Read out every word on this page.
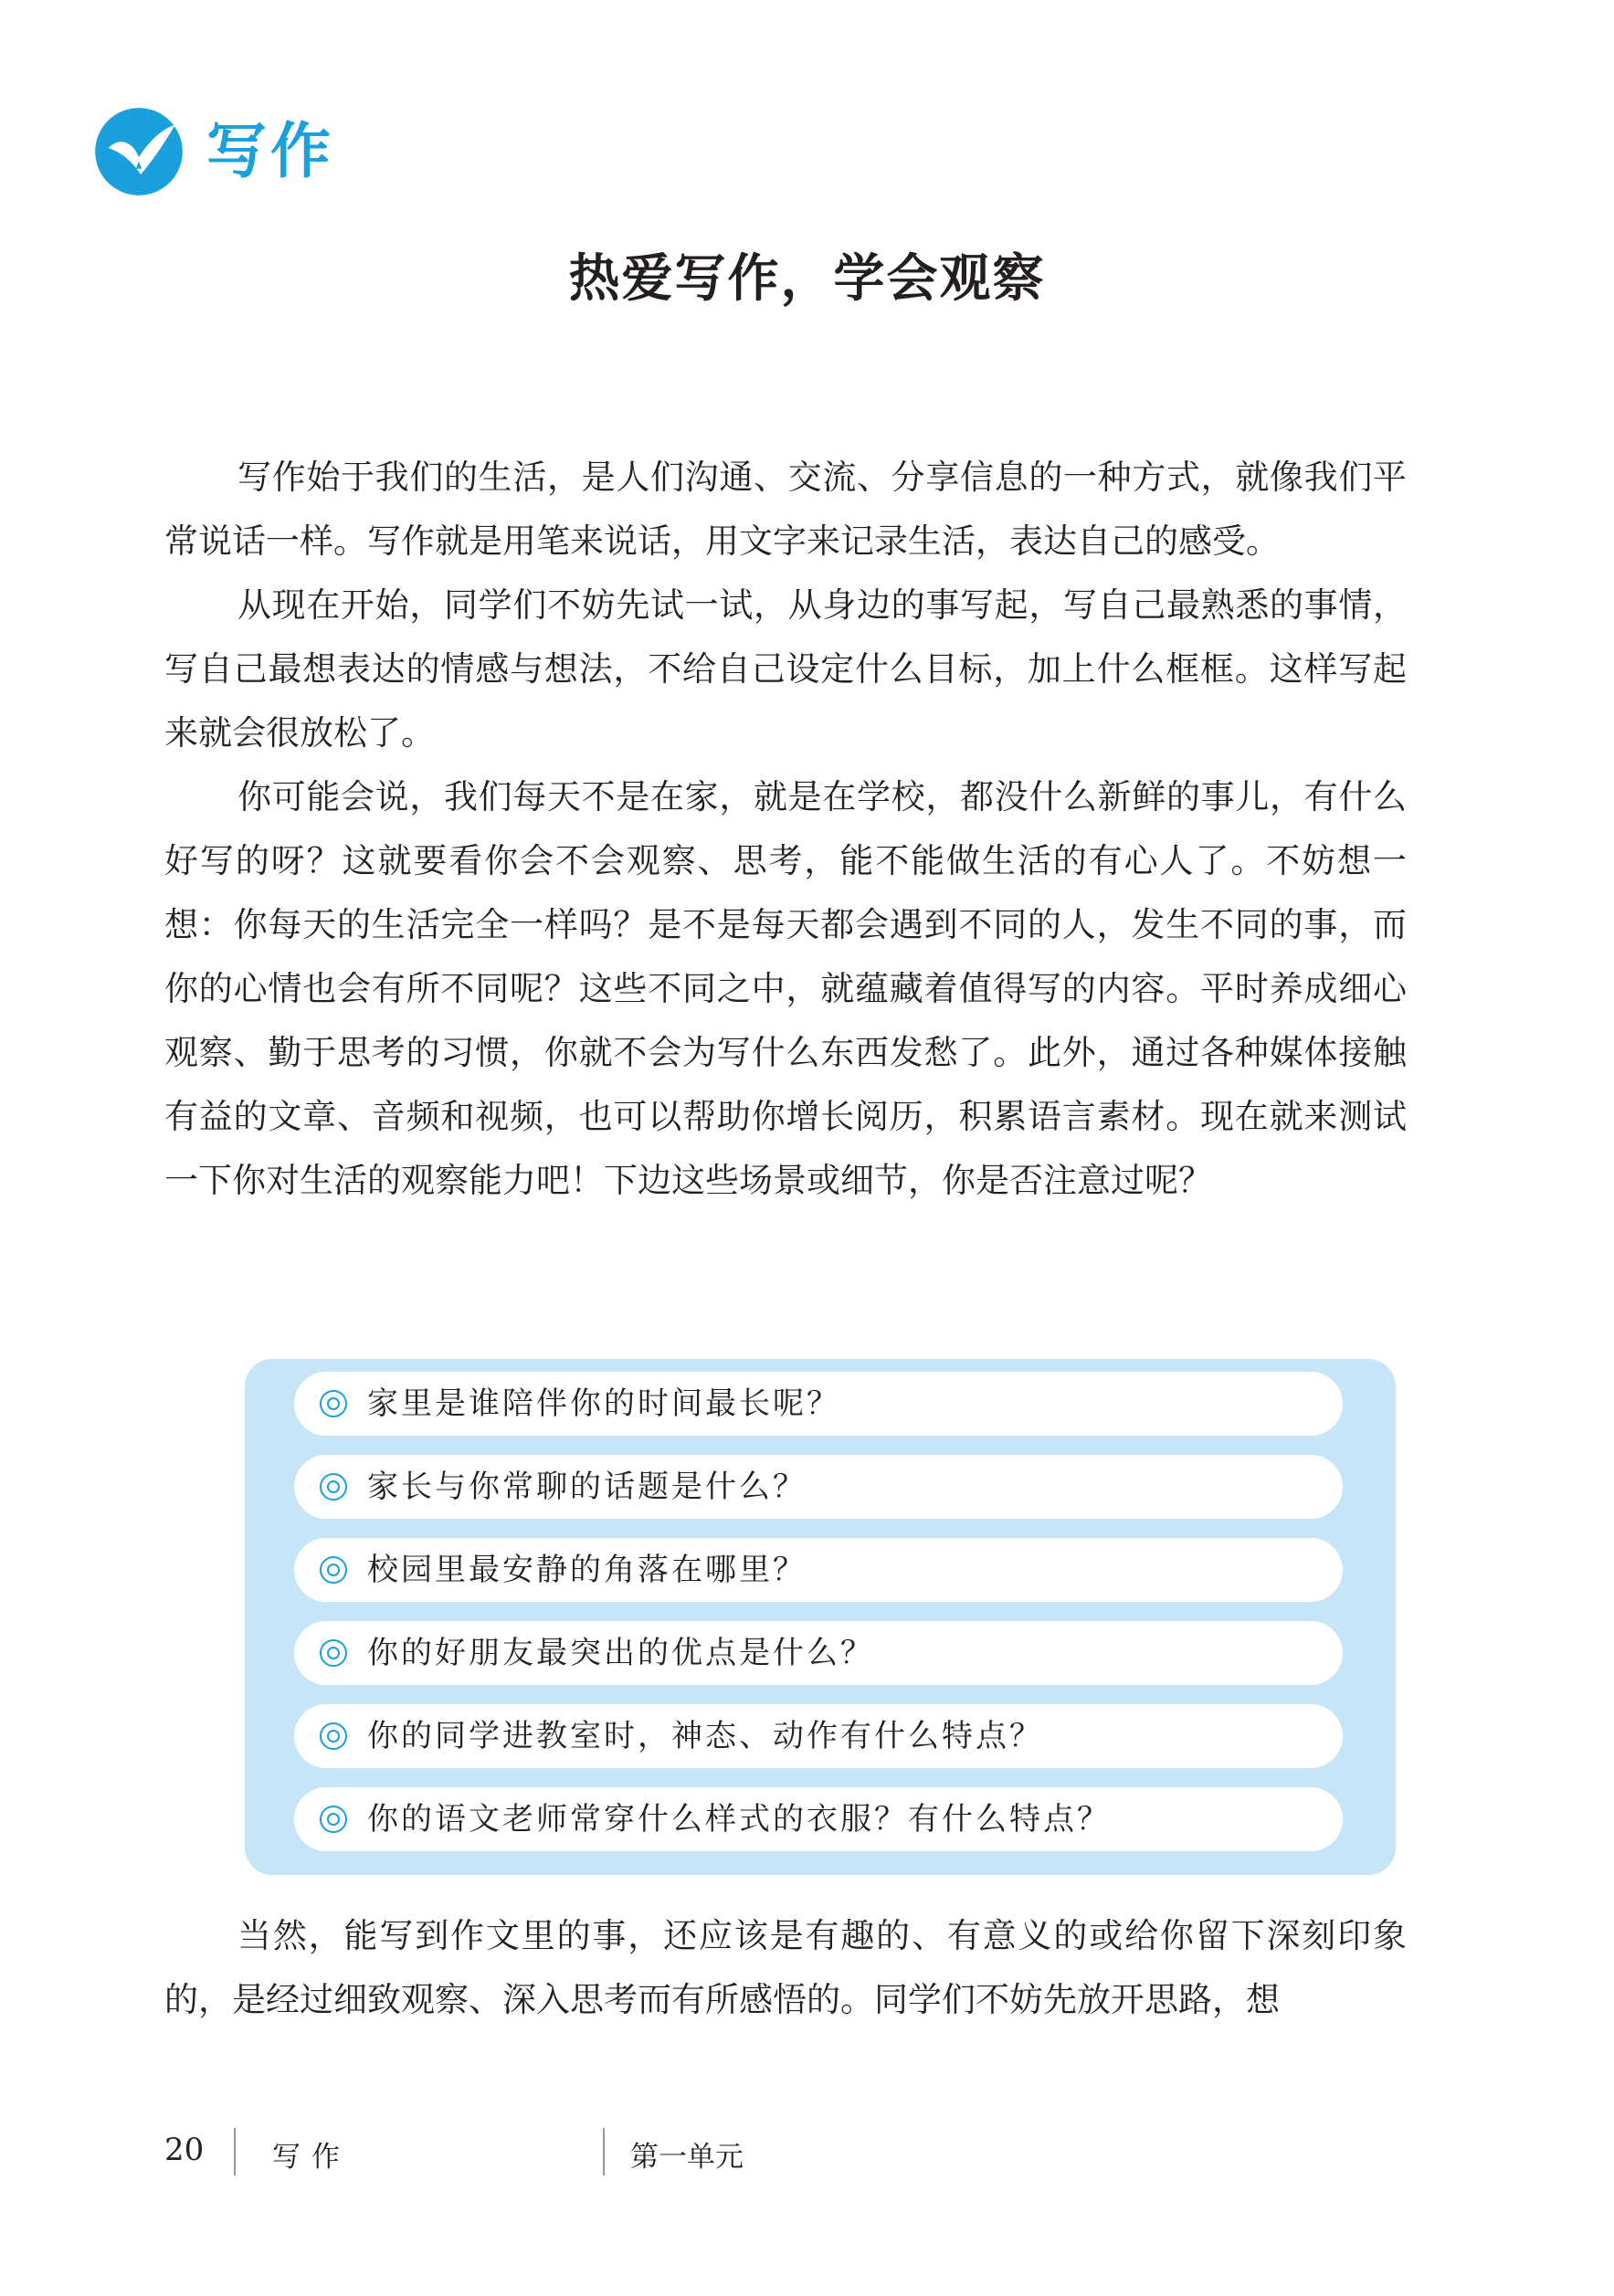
写作
热爱写作，学会观察

写作始于我们的生活，是人们沟通、交流、分享信息的一种方式，就像我们平常说话一样。写作就是用笔来说话，用文字来记录生活，表达自己的感受。

从现在开始，同学们不妨先试一试，从身边的事写起，写自己最熟悉的事情，写自己最想表达的情感与想法，不给自己设定什么目标，加上什么框框。这样写起来就会很放松了。

你可能会说，我们每天不是在家，就是在学校，都没什么新鲜的事儿，有什么好写的呀？这就要看你会不会观察、思考，能不能做生活的有心人了。不妨想一想：你每天的生活完全一样吗？是不是每天都会遇到不同的人，发生不同的事，而你的心情也会有所不同呢？这些不同之中，就蕴藏着值得写的内容。平时养成细心观察、勤于思考的习惯，你就不会为写什么东西发愁了。此外，通过各种媒体接触有益的文章、音频和视频，也可以帮助你增长阅历，积累语言素材。现在就来测试一下你对生活的观察能力吧！下边这些场景或细节，你是否注意过呢？

家里是谁陪伴你的时间最长呢？
家长与你常聊的话题是什么？
校园里最安静的角落在哪里？
你的好朋友最突出的优点是什么？
你的同学进教室时，神态、动作有什么特点？
你的语文老师常穿什么样式的衣服？有什么特点？

当然，能写到作文里的事，还应该是有趣的、有意义的或给你留下深刻印象的，是经过细致观察、深入思考而有所感悟的。同学们不妨先放开思路，想

20 写作	第一单元
